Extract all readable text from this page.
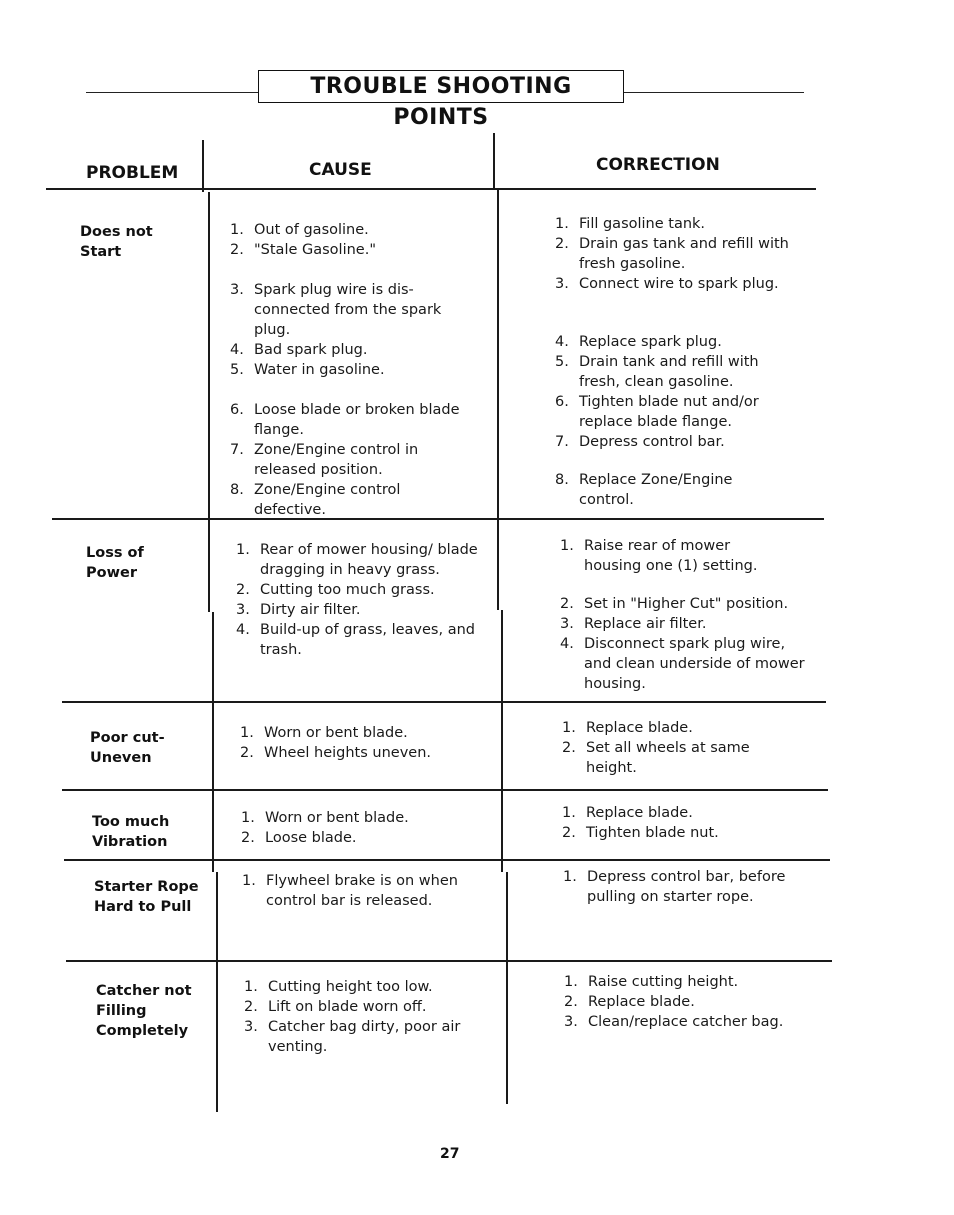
TROUBLE SHOOTING POINTS
PROBLEM	CAUSE	CORRECTION
Does not
Start
1. Out of gasoline.
2. "Stale Gasoline."
3. Spark plug wire is dis-connected from the spark plug.
4. Bad spark plug.
5. Water in gasoline.
6. Loose blade or broken blade flange.
7. Zone/Engine control in released position.
8. Zone/Engine control defective.
1. Fill gasoline tank.
2. Drain gas tank and refill with fresh gasoline.
3. Connect wire to spark plug.
4. Replace spark plug.
5. Drain tank and refill with fresh, clean gasoline.
6. Tighten blade nut and/or replace blade flange.
7. Depress control bar.
8. Replace Zone/Engine control.
Loss of
Power
1. Rear of mower housing/ blade dragging in heavy grass.
2. Cutting too much grass.
3. Dirty air filter.
4. Build-up of grass, leaves, and trash.
1. Raise rear of mower housing one (1) setting.
2. Set in "Higher Cut" position.
3. Replace air filter.
4. Disconnect spark plug wire, and clean underside of mower housing.
Poor cut-
Uneven
1. Worn or bent blade.
2. Wheel heights uneven.
1. Replace blade.
2. Set all wheels at same height.
Too much
Vibration
1. Worn or bent blade.
2. Loose blade.
1. Replace blade.
2. Tighten blade nut.
Starter Rope
Hard to Pull
1. Flywheel brake is on when control bar is released.
1. Depress control bar, before pulling on starter rope.
Catcher not
Filling
Completely
1. Cutting height too low.
2. Lift on blade worn off.
3. Catcher bag dirty, poor air venting.
1. Raise cutting height.
2. Replace blade.
3. Clean/replace catcher bag.
27
